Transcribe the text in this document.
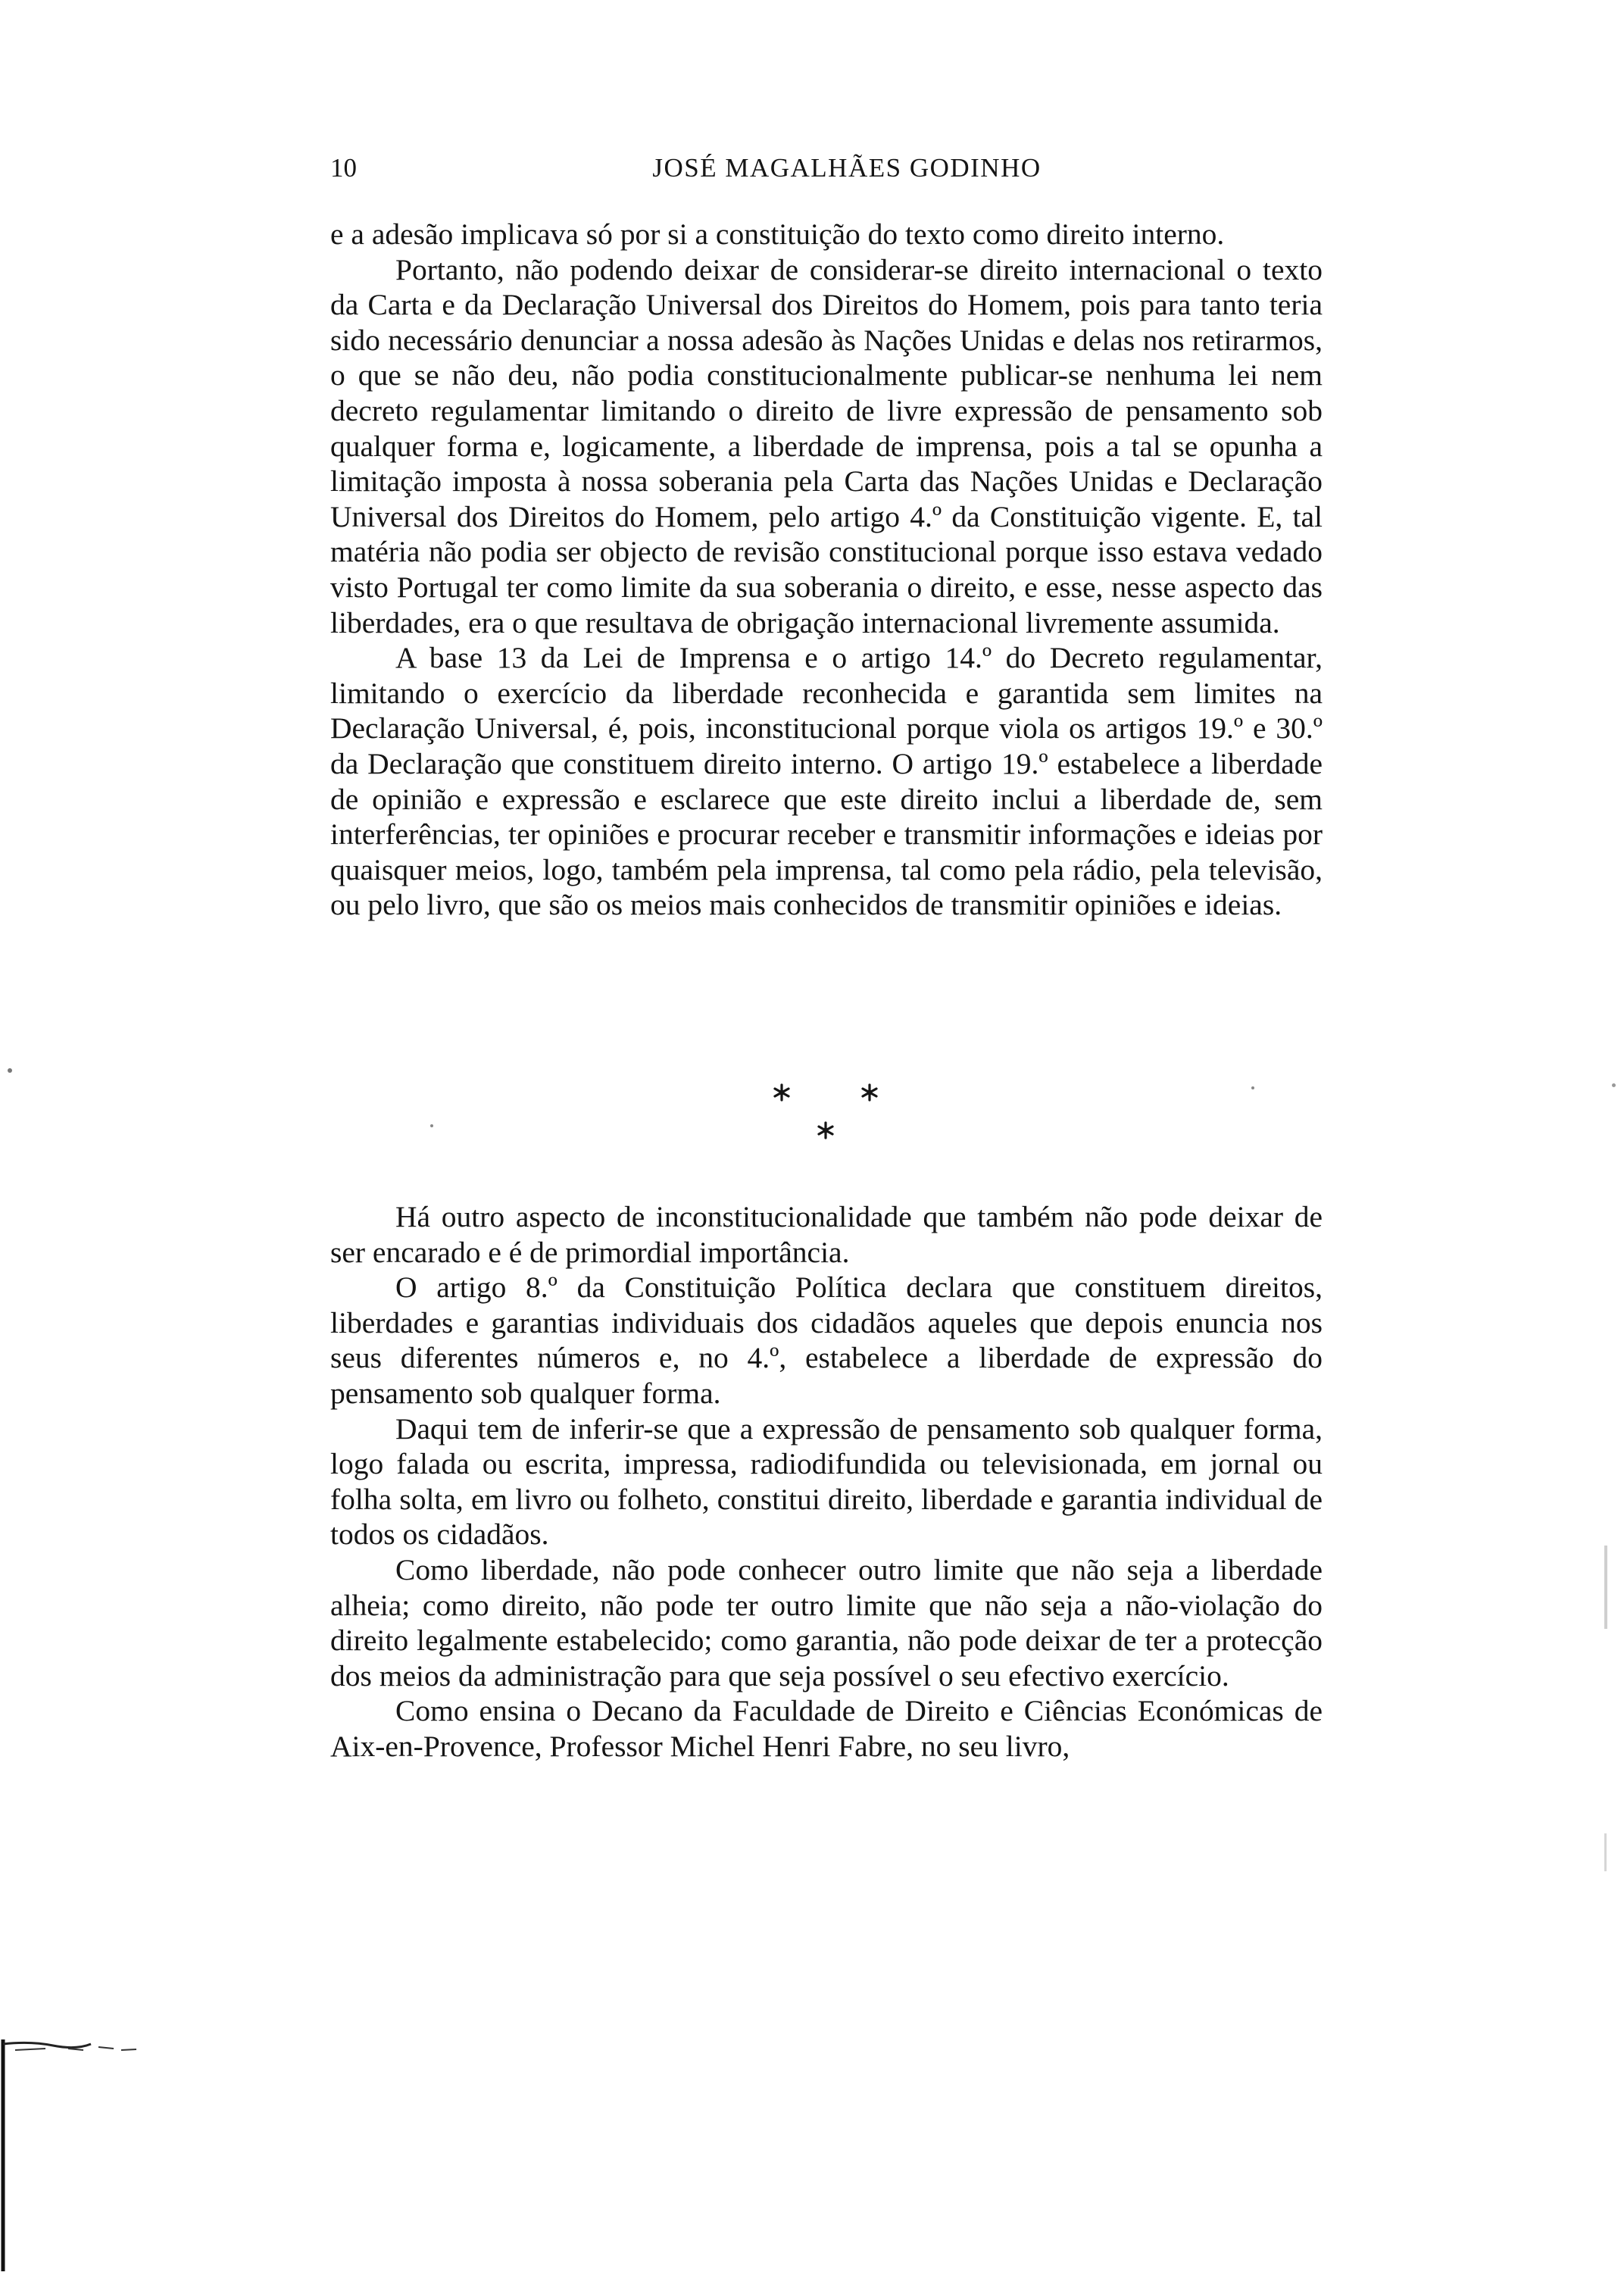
10	JOSÉ MAGALHÃES GODINHO

e a adesão implicava só por si a constituição do texto como direito interno.

Portanto, não podendo deixar de considerar-se direito internacional o texto da Carta e da Declaração Universal dos Direitos do Homem, pois para tanto teria sido necessário denunciar a nossa adesão às Nações Unidas e delas nos retirarmos, o que se não deu, não podia constitucionalmente publicar-se nenhuma lei nem decreto regulamentar limitando o direito de livre expressão de pensamento sob qualquer forma e, logicamente, a liberdade de imprensa, pois a tal se opunha a limitação imposta à nossa soberania pela Carta das Nações Unidas e Declaração Universal dos Direitos do Homem, pelo artigo 4.º da Constituição vigente. E, tal matéria não podia ser objecto de revisão constitucional porque isso estava vedado visto Portugal ter como limite da sua soberania o direito, e esse, nesse aspecto das liberdades, era o que resultava de obrigação internacional livremente assumida.

A base 13 da Lei de Imprensa e o artigo 14.º do Decreto regulamentar, limitando o exercício da liberdade reconhecida e garantida sem limites na Declaração Universal, é, pois, inconstitucional porque viola os artigos 19.º e 30.º da Declaração que constituem direito interno. O artigo 19.º estabelece a liberdade de opinião e expressão e esclarece que este direito inclui a liberdade de, sem interferências, ter opiniões e procurar receber e transmitir informações e ideias por quaisquer meios, logo, também pela imprensa, tal como pela rádio, pela televisão, ou pelo livro, que são os meios mais conhecidos de transmitir opiniões e ideias.

Há outro aspecto de inconstitucionalidade que também não pode deixar de ser encarado e é de primordial importância.

O artigo 8.º da Constituição Política declara que constituem direitos, liberdades e garantias individuais dos cidadãos aqueles que depois enuncia nos seus diferentes números e, no 4.º, estabelece a liberdade de expressão do pensamento sob qualquer forma.

Daqui tem de inferir-se que a expressão de pensamento sob qualquer forma, logo falada ou escrita, impressa, radiodifundida ou televisionada, em jornal ou folha solta, em livro ou folheto, constitui direito, liberdade e garantia individual de todos os cidadãos.

Como liberdade, não pode conhecer outro limite que não seja a liberdade alheia; como direito, não pode ter outro limite que não seja a não-violação do direito legalmente estabelecido; como garantia, não pode deixar de ter a protecção dos meios da administração para que seja possível o seu efectivo exercício.

Como ensina o Decano da Faculdade de Direito e Ciências Económicas de Aix-en-Provence, Professor Michel Henri Fabre, no seu livro,
